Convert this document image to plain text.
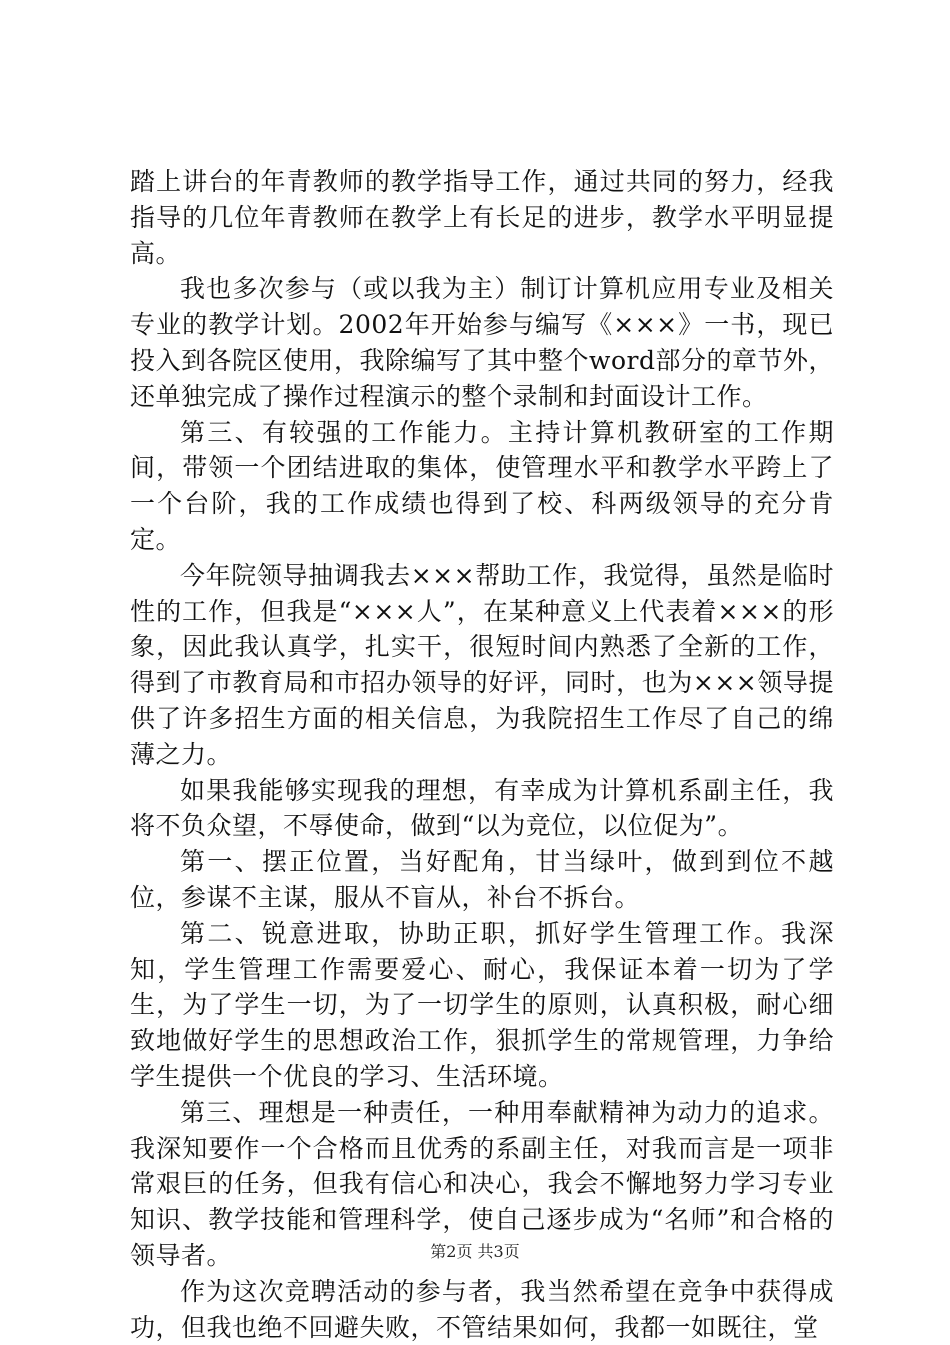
踏上讲台的年青教师的教学指导工作，通过共同的努力，经我指导的几位年青教师在教学上有长足的进步，教学水平明显提高。

我也多次参与（或以我为主）制订计算机应用专业及相关专业的教学计划。2002年开始参与编写《×××》一书，现已投入到各院区使用，我除编写了其中整个word部分的章节外，还单独完成了操作过程演示的整个录制和封面设计工作。

第三、有较强的工作能力。主持计算机教研室的工作期间，带领一个团结进取的集体，使管理水平和教学水平跨上了一个台阶，我的工作成绩也得到了校、科两级领导的充分肯定。

今年院领导抽调我去×××帮助工作，我觉得，虽然是临时性的工作，但我是“×××人”，在某种意义上代表着×××的形象，因此我认真学，扎实干，很短时间内熟悉了全新的工作，得到了市教育局和市招办领导的好评，同时，也为×××领导提供了许多招生方面的相关信息，为我院招生工作尽了自己的绵薄之力。

如果我能够实现我的理想，有幸成为计算机系副主任，我将不负众望，不辱使命，做到“以为竞位，以位促为”。

第一、摆正位置，当好配角，甘当绿叶，做到到位不越位，参谋不主谋，服从不盲从，补台不拆台。

第二、锐意进取，协助正职，抓好学生管理工作。我深知，学生管理工作需要爱心、耐心，我保证本着一切为了学生，为了学生一切，为了一切学生的原则，认真积极，耐心细致地做好学生的思想政治工作，狠抓学生的常规管理，力争给学生提供一个优良的学习、生活环境。

第三、理想是一种责任，一种用奉献精神为动力的追求。我深知要作一个合格而且优秀的系副主任，对我而言是一项非常艰巨的任务，但我有信心和决心，我会不懈地努力学习专业知识、教学技能和管理科学，使自己逐步成为“名师”和合格的领导者。

作为这次竞聘活动的参与者，我当然希望在竞争中获得成功，但我也绝不回避失败，不管结果如何，我都一如既往，堂

第2页 共3页
